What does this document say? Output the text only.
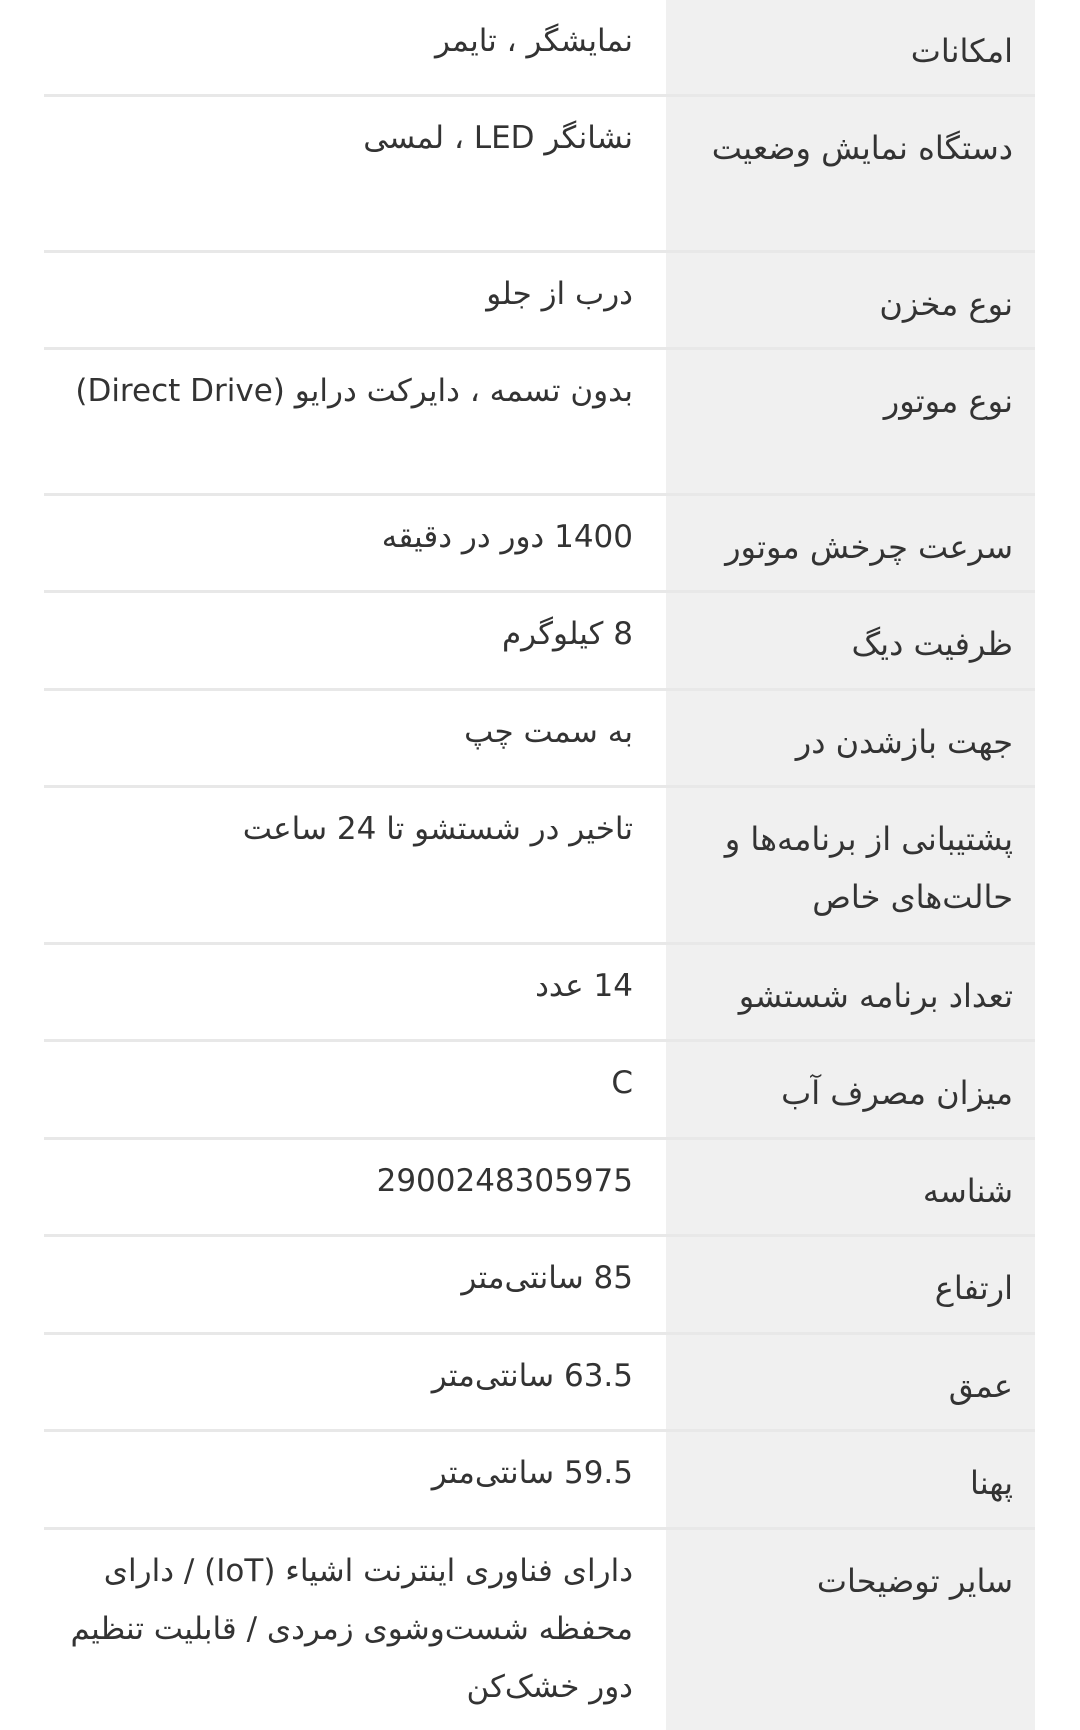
امکانات
نمایشگر ، تایمر
دستگاه نمایش وضعیت
نشانگر LED ، لمسی
نوع مخزن
درب از جلو
نوع موتور
بدون تسمه ، دایرکت درایو (Direct Drive)
سرعت چرخش موتور
1400 دور در دقیقه
ظرفیت دیگ
8 کیلوگرم
جهت بازشدن در
به سمت چپ
پشتیبانی از برنامه‌ها و حالت‌های خاص
تاخیر در شستشو تا 24 ساعت
تعداد برنامه شستشو
14 عدد
میزان مصرف آب
C
شناسه
2900248305975
ارتفاع
85 سانتی‌متر
عمق
63.5 سانتی‌متر
پهنا
59.5 سانتی‌متر
سایر توضیحات
دارای فناوری اینترنت اشیاء (IoT) / دارای محفظه شست‌وشوی زمردی / قابلیت تنظیم دور خشک‌کن
